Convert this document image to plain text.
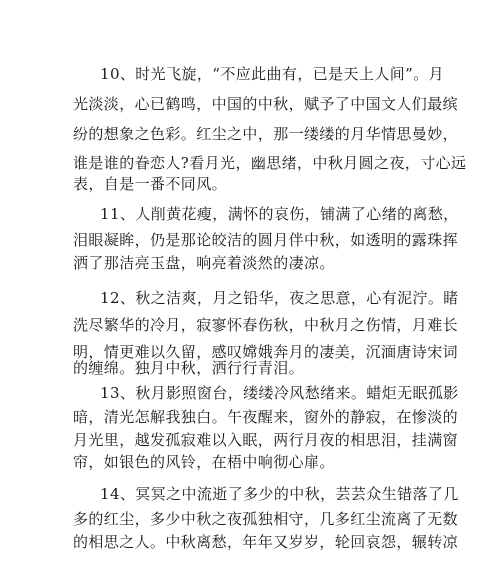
10、时光飞旋，“不应此曲有，已是天上人间”。月
光淡淡，心已鹤鸣，中国的中秋，赋予了中国文人们最缤
纷的想象之色彩。红尘之中，那一缕缕的月华情思曼妙，
谁是谁的眷恋人?看月光，幽思绪，中秋月圆之夜，寸心远
表，自是一番不同风。
11、人削黄花瘦，满怀的哀伤，铺满了心绪的离愁，
泪眼凝眸，仍是那论皎洁的圆月伴中秋，如透明的露珠挥
洒了那洁亮玉盘，响亮着淡然的凄凉。
12、秋之洁爽，月之铅华，夜之思意，心有泥泞。睹
洗尽繁华的冷月，寂寥怀春伤秋，中秋月之伤情，月难长
明，情更难以久留，感叹嫦娥奔月的凄美，沉湎唐诗宋词
的缠绵。独月中秋，洒行行青泪。
13、秋月影照窗台，缕缕冷风愁绪来。蜡炬无眠孤影
暗，清光怎解我独白。午夜醒来，窗外的静寂，在惨淡的
月光里，越发孤寂难以入眠，两行月夜的相思泪，挂满窗
帘，如银色的风铃，在梧中响彻心扉。
14、冥冥之中流逝了多少的中秋，芸芸众生错落了几
多的红尘，多少中秋之夜孤独相守，几多红尘流离了无数
的相思之人。中秋离愁，年年又岁岁，轮回哀怨，辗转凉
